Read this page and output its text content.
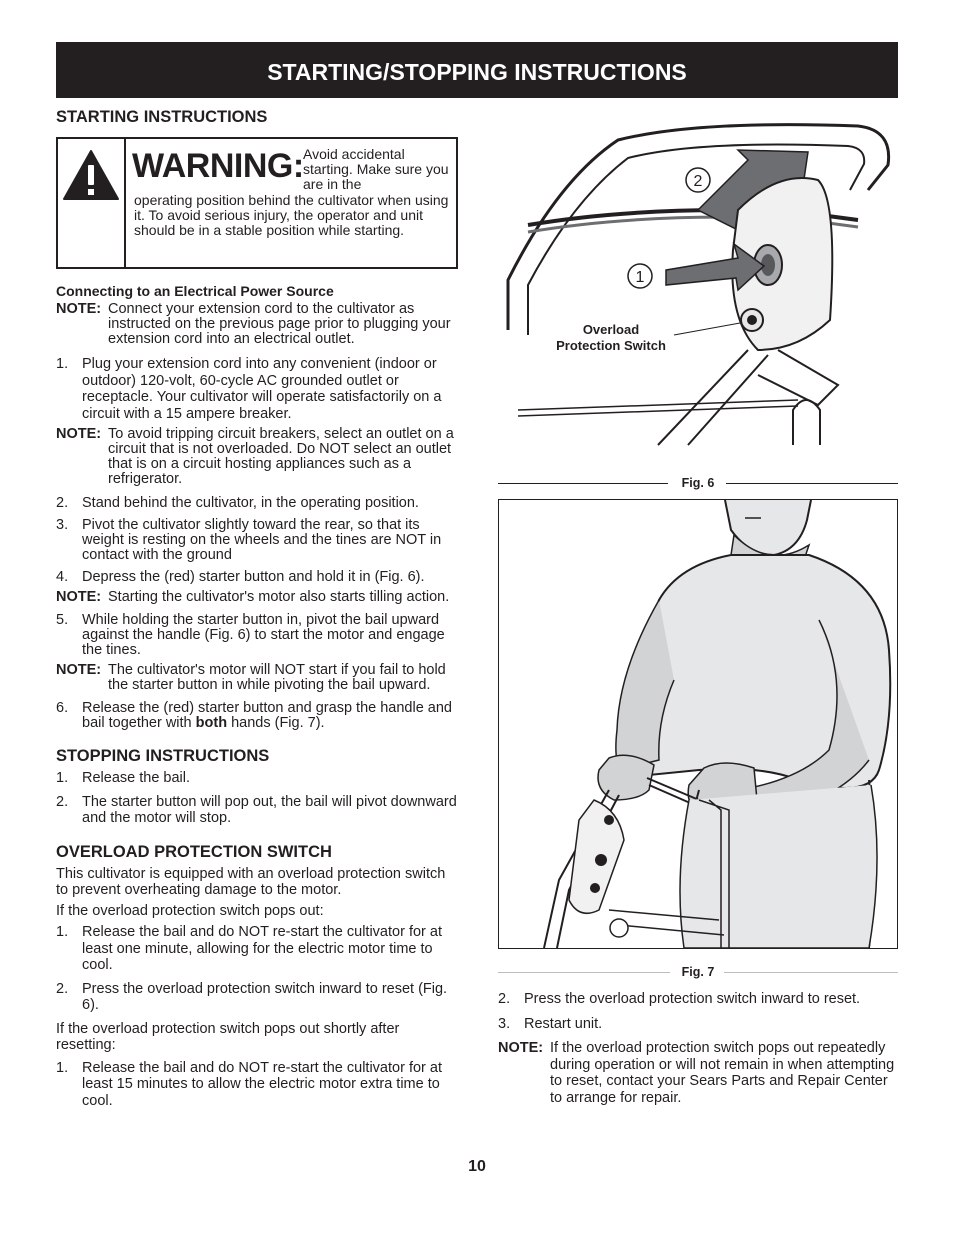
STARTING/STOPPING INSTRUCTIONS
STARTING INSTRUCTIONS
WARNING: Avoid accidental starting. Make sure you are in the
operating position behind the cultivator when using it. To avoid serious injury, the operator and unit should be in a stable position while starting.
Connecting to an Electrical Power Source
NOTE: Connect your extension cord to the cultivator as instructed on the previous page prior to plugging your extension cord into an electrical outlet.
1. Plug your extension cord into any convenient (indoor or outdoor) 120-volt, 60-cycle AC grounded outlet or receptacle. Your cultivator will operate satisfactorily on a circuit with a 15 ampere breaker.
NOTE: To avoid tripping circuit breakers, select an outlet on a circuit that is not overloaded. Do NOT select an outlet that is on a circuit hosting appliances such as a refrigerator.
2. Stand behind the cultivator, in the operating position.
3. Pivot the cultivator slightly toward the rear, so that its weight is resting on the wheels and the tines are NOT in contact with the ground
4. Depress the (red) starter button and hold it in (Fig. 6).
NOTE: Starting the cultivator's motor also starts tilling action.
5. While holding the starter button in, pivot the bail upward against the handle (Fig. 6) to start the motor and engage the tines.
NOTE: The cultivator's motor will NOT start if you fail to hold the starter button in while pivoting the bail upward.
6. Release the (red) starter button and grasp the handle and bail together with both hands (Fig. 7).
STOPPING INSTRUCTIONS
1. Release the bail.
2. The starter button will pop out, the bail will pivot downward and the motor will stop.
OVERLOAD PROTECTION SWITCH

This cultivator is equipped with an overload protection switch to prevent overheating damage to the motor.

If the overload protection switch pops out:

1. Release the bail and do NOT re-start the cultivator for at least one minute, allowing for the electric motor time to cool.
2. Press the overload protection switch inward to reset (Fig. 6).

If the overload protection switch pops out shortly after resetting:

1. Release the bail and do NOT re-start the cultivator for at least 15 minutes to allow the electric motor extra time to cool.
2
1
Overload
Protection Switch
Fig. 6
Fig. 7
2. Press the overload protection switch inward to reset.
3. Restart unit.
NOTE: If the overload protection switch pops out repeatedly during operation or will not remain in when attempting to reset, contact your Sears Parts and Repair Center to arrange for repair.
10
